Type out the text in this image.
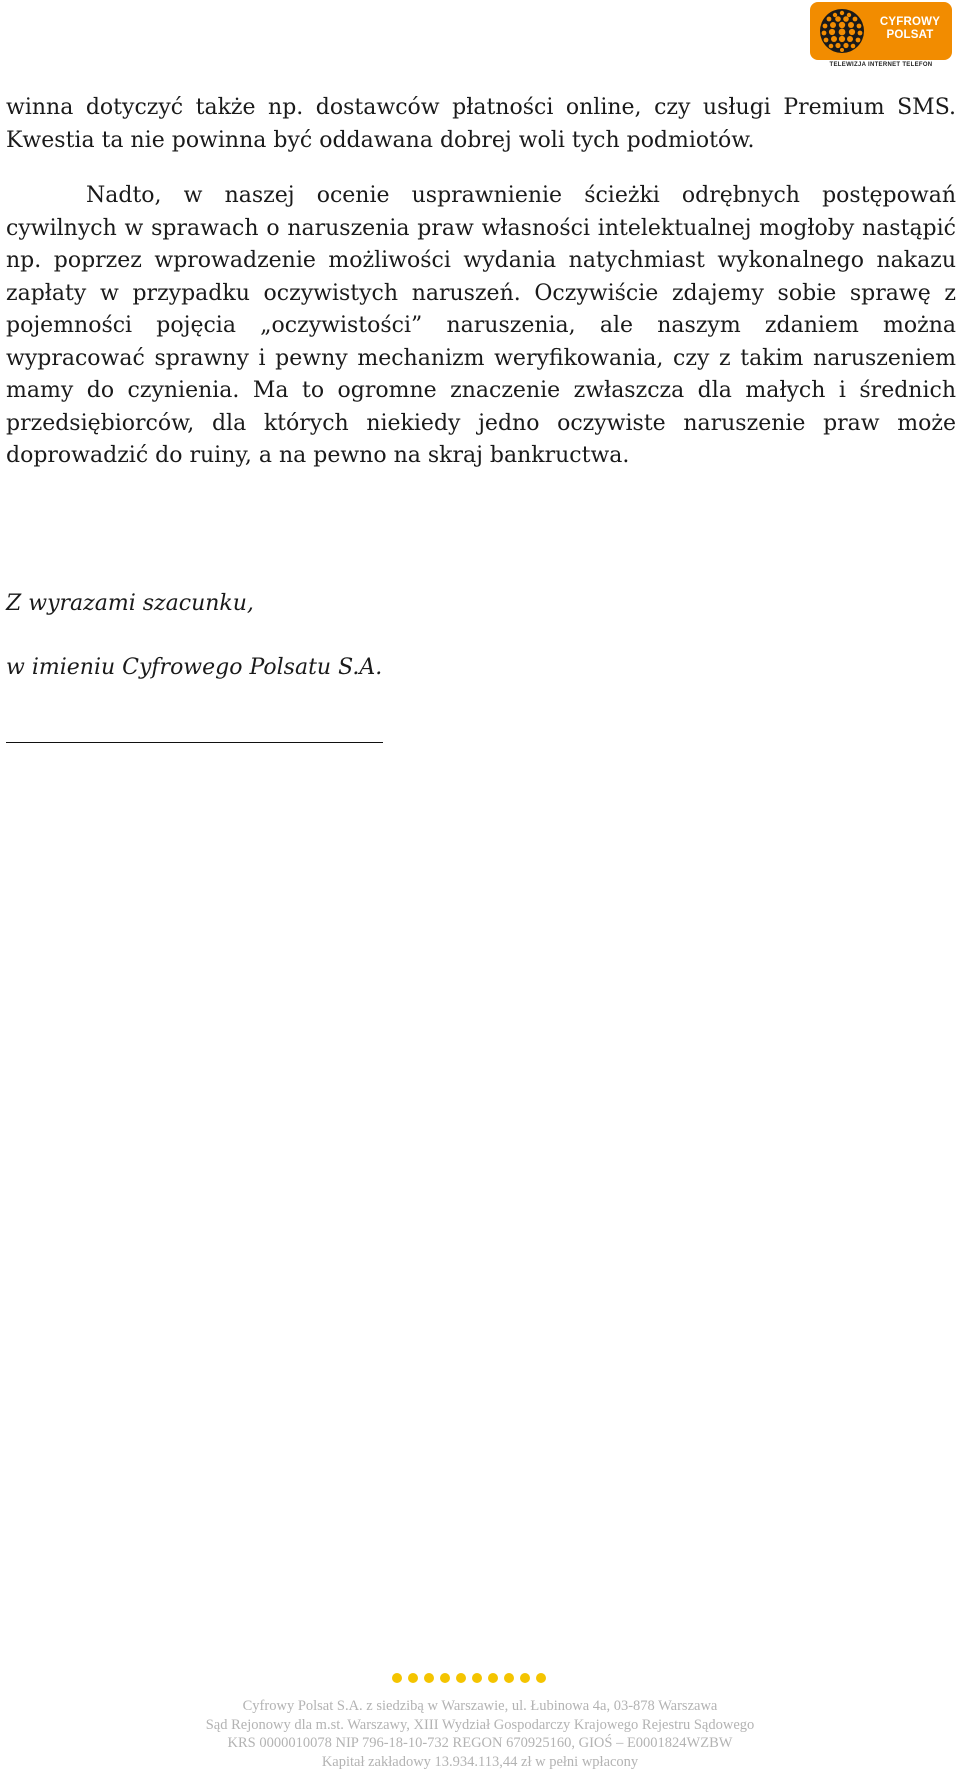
CYFROWY
POLSAT
TELEWIZJA INTERNET TELEFON

winna dotyczyć także np. dostawców płatności online, czy usługi Premium SMS. Kwestia ta nie powinna być oddawana dobrej woli tych podmiotów.

Nadto, w naszej ocenie usprawnienie ścieżki odrębnych postępowań cywilnych w sprawach o naruszenia praw własności intelektualnej mogłoby nastąpić np. poprzez wprowadzenie możliwości wydania natychmiast wykonalnego nakazu zapłaty w przypadku oczywistych naruszeń. Oczywiście zdajemy sobie sprawę z pojemności pojęcia „oczywistości” naruszenia, ale naszym zdaniem można wypracować sprawny i pewny mechanizm weryfikowania, czy z takim naruszeniem mamy do czynienia. Ma to ogromne znaczenie zwłaszcza dla małych i średnich przedsiębiorców, dla których niekiedy jedno oczywiste naruszenie praw może doprowadzić do ruiny, a na pewno na skraj bankructwa.

Z wyrazami szacunku,
w imieniu Cyfrowego Polsatu S.A.
Cyfrowy Polsat S.A. z siedzibą w Warszawie, ul. Łubinowa 4a, 03-878 Warszawa
Sąd Rejonowy dla m.st. Warszawy, XIII Wydział Gospodarczy Krajowego Rejestru Sądowego
KRS 0000010078 NIP 796-18-10-732 REGON 670925160, GIOŚ – E0001824WZBW
Kapitał zakładowy 13.934.113,44 zł w pełni wpłacony
